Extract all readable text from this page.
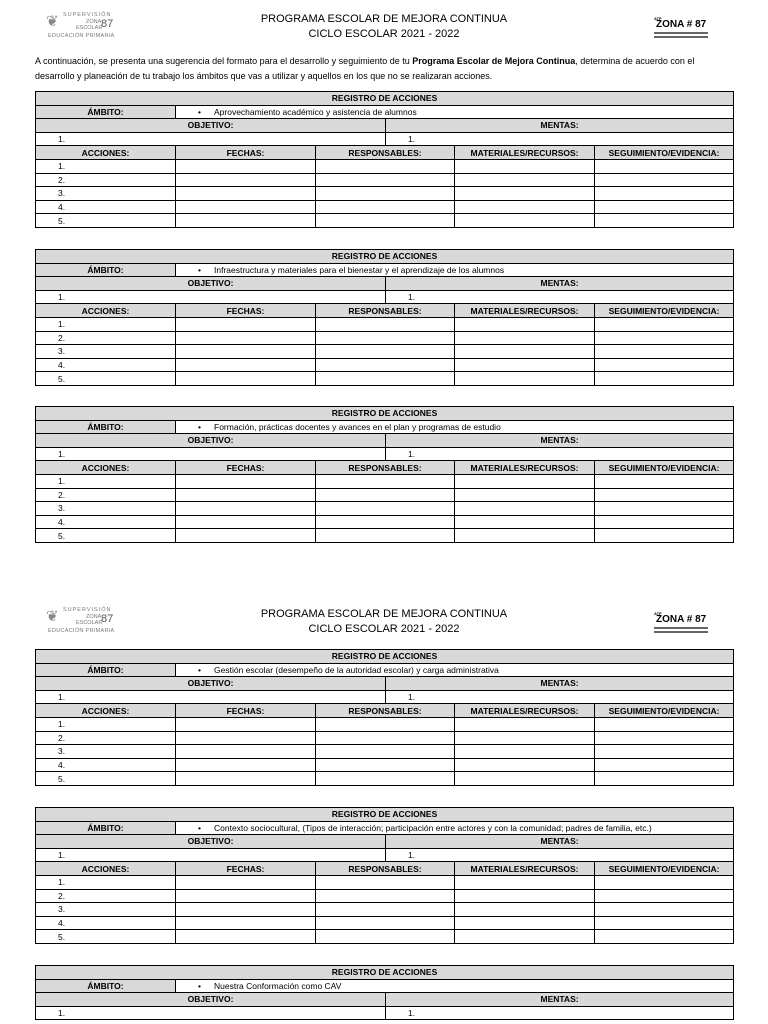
❦ SUPERVISIÓN
ZONA 87
ESCOLAR
EDUCACIÓN PRIMARIA
PROGRAMA ESCOLAR DE MEJORA CONTINUA
CICLO ESCOLAR 2021 - 2022
ATP
ZONA # 87
A continuación, se presenta una sugerencia del formato para el desarrollo y seguimiento de tu Programa Escolar de Mejora Continua, determina de acuerdo con el desarrollo y planeación de tu trabajo los ámbitos que vas a utilizar y aquellos en los que no se realizaran acciones.
REGISTRO DE ACCIONES					
ÁMBITO:	• Aprovechamiento académico y asistencia de alumnos				
OBJETIVO:			MENTAS:		
1.			1.		
ACCIONES:	FECHAS:	RESPONSABLES:		MATERIALES/RECURSOS:	SEGUIMIENTO/EVIDENCIA:
1.					
2.					
3.					
4.					
5.					
REGISTRO DE ACCIONES					
ÁMBITO:	• Infraestructura y materiales para el bienestar y el aprendizaje de los alumnos				
OBJETIVO:			MENTAS:		
1.			1.		
ACCIONES:	FECHAS:	RESPONSABLES:		MATERIALES/RECURSOS:	SEGUIMIENTO/EVIDENCIA:
1.					
2.					
3.					
4.					
5.					
REGISTRO DE ACCIONES					
ÁMBITO:	• Formación, prácticas docentes y avances en el plan y programas de estudio				
OBJETIVO:			MENTAS:		
1.			1.		
ACCIONES:	FECHAS:	RESPONSABLES:		MATERIALES/RECURSOS:	SEGUIMIENTO/EVIDENCIA:
1.					
2.					
3.					
4.					
5.					
❦ SUPERVISIÓN
ZONA 87
ESCOLAR
EDUCACIÓN PRIMARIA
PROGRAMA ESCOLAR DE MEJORA CONTINUA
CICLO ESCOLAR 2021 - 2022
ATP
ZONA # 87
REGISTRO DE ACCIONES					
ÁMBITO:	• Gestión escolar (desempeño de la autoridad escolar) y carga administrativa				
OBJETIVO:			MENTAS:		
1.			1.		
ACCIONES:	FECHAS:	RESPONSABLES:		MATERIALES/RECURSOS:	SEGUIMIENTO/EVIDENCIA:
1.					
2.					
3.					
4.					
5.					
REGISTRO DE ACCIONES					
ÁMBITO:	• Contexto sociocultural, (Tipos de interacción; participación entre actores y con la comunidad; padres de familia, etc.)				
OBJETIVO:			MENTAS:		
1.			1.		
ACCIONES:	FECHAS:	RESPONSABLES:		MATERIALES/RECURSOS:	SEGUIMIENTO/EVIDENCIA:
1.					
2.					
3.					
4.					
5.					
REGISTRO DE ACCIONES		
ÁMBITO:	• Nuestra Conformación como CAV	
OBJETIVO:		MENTAS:
1.		1.
